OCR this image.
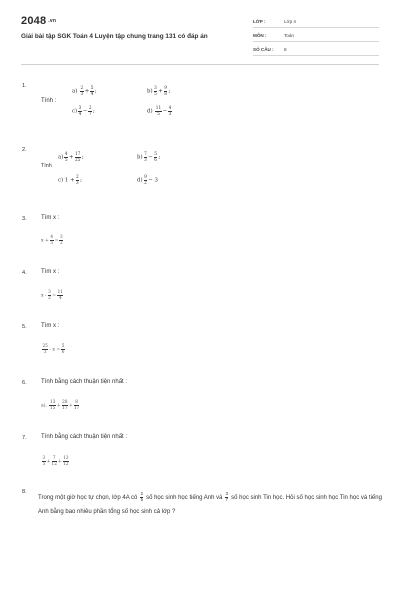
2048 .vn
Giải bài tập SGK Toán 4 Luyện tập chung trang 131 có đáp án
LỚP :	Lớp 4
MÔN :	Toán
SỐ CÂU : 8
1.
Tính :
$a) \frac{2}{3} + \frac{5}{4}$ ;	$b) \frac{3}{5} + \frac{9}{8}$ ;
$c) \frac{3}{4} - \frac{2}{7}$ ;	$d) \frac{11}{5} - \frac{4}{3}$
2.
Tính
$a) \frac{4}{5} + \frac{17}{25}$ ;	$b) \frac{7}{3} - \frac{5}{6}$ ;
c) $1 + \frac{2}{3}$ ;	$d) \frac{9}{2} - 3$
3. Tìm x :
$x + \frac{4}{5} = \frac{3}{2}$
4. Tìm x :
$x - \frac{3}{2} = \frac{11}{4}$
5. Tìm x :
$\frac{25}{3} - x = \frac{5}{6}$
6. Tính bằng cách thuận tiện nhất :
a). $\frac{13}{15} + \frac{28}{17} + \frac{8}{17}$
7. Tính bằng cách thuận tiện nhất :
$\frac{3}{5} + \frac{7}{12} + \frac{13}{12}$
8.
Trong một giờ học tự chọn, lớp 4A có $\frac{2}{5}$ số học sinh học tiếng Anh và $\frac{3}{7}$ số học sinh Tin học. Hỏi số học sinh học Tin học và tiếng Anh bằng bao nhiêu phần tổng số học sinh cả lớp ?
